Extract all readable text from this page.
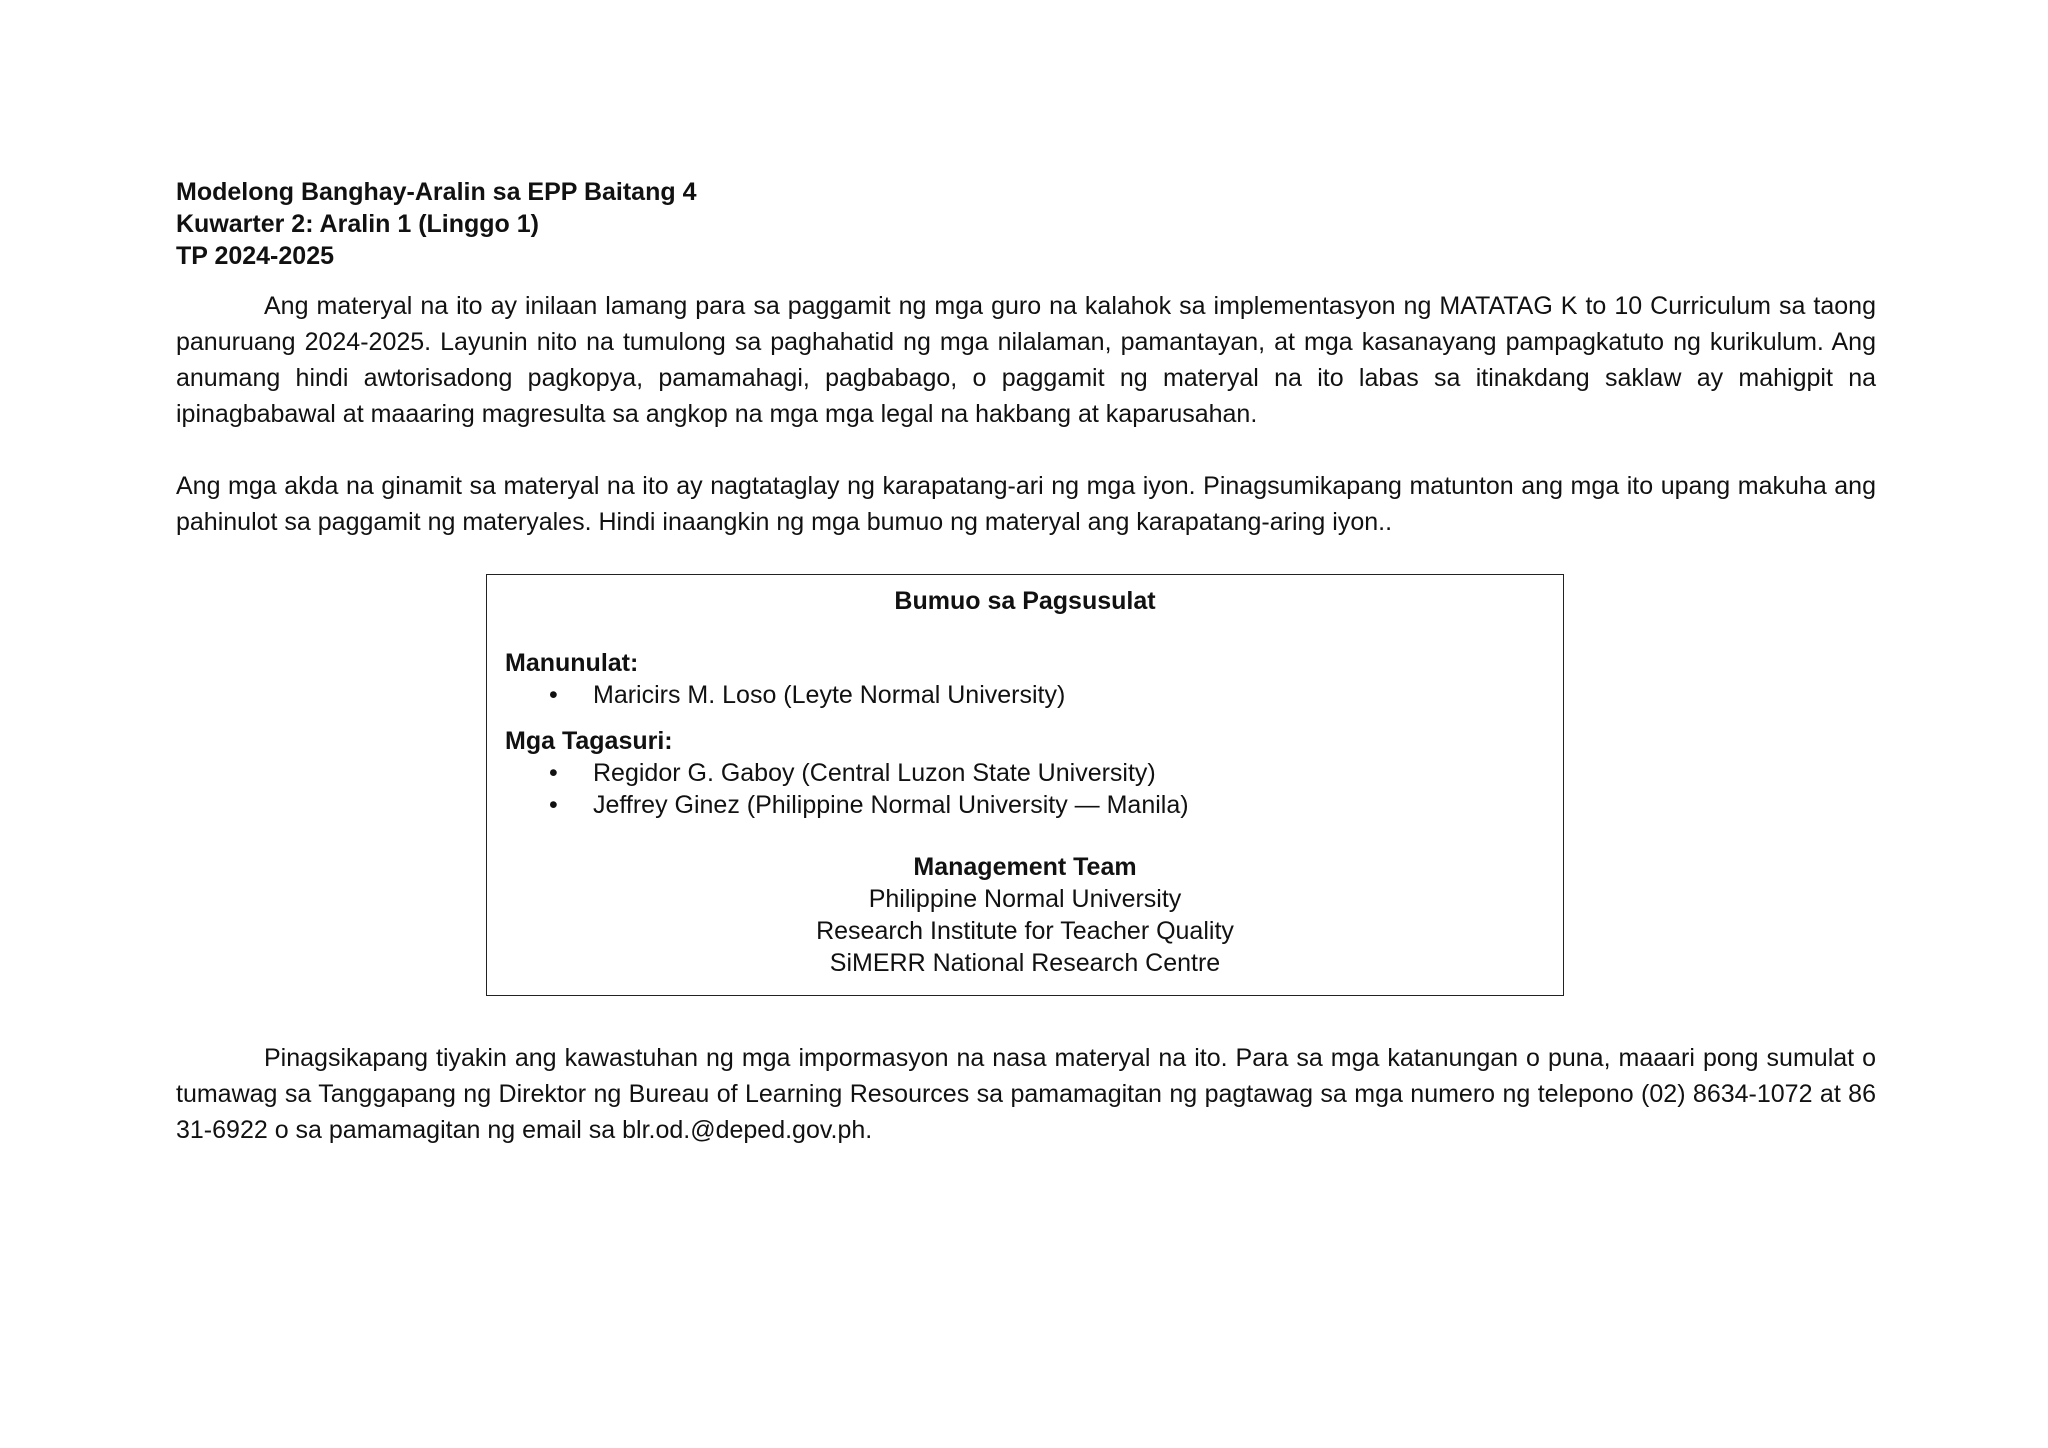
Modelong Banghay-Aralin sa EPP Baitang 4

Kuwarter 2: Aralin 1 (Linggo 1)

TP 2024-2025

Ang materyal na ito ay inilaan lamang para sa paggamit ng mga guro na kalahok sa implementasyon ng MATATAG K to 10 Curriculum sa taong panuruang 2024-2025. Layunin nito na tumulong sa paghahatid ng mga nilalaman, pamantayan, at mga kasanayang pampagkatuto ng kurikulum. Ang anumang hindi awtorisadong pagkopya, pamamahagi, pagbabago, o paggamit ng materyal na ito labas sa itinakdang saklaw ay mahigpit na ipinagbabawal at maaaring magresulta sa angkop na mga mga legal na hakbang at kaparusahan.

Ang mga akda na ginamit sa materyal na ito ay nagtataglay ng karapatang-ari ng mga iyon. Pinagsumikapang matunton ang mga ito upang makuha ang pahinulot sa paggamit ng materyales. Hindi inaangkin ng mga bumuo ng materyal ang karapatang-aring iyon..

Bumuo sa Pagsusulat

Manunulat:

• Maricirs M. Loso (Leyte Normal University)

Mga Tagasuri:

• Regidor G. Gaboy (Central Luzon State University)
• Jeffrey Ginez (Philippine Normal University — Manila)
Management Team
Philippine Normal University
Research Institute for Teacher Quality
SiMERR National Research Centre

Pinagsikapang tiyakin ang kawastuhan ng mga impormasyon na nasa materyal na ito. Para sa mga katanungan o puna, maaari pong sumulat o tumawag sa Tanggapang ng Direktor ng Bureau of Learning Resources sa pamamagitan ng pagtawag sa mga numero ng telepono (02) 8634-1072 at 86 31-6922 o sa pamamagitan ng email sa blr.od.@deped.gov.ph.
